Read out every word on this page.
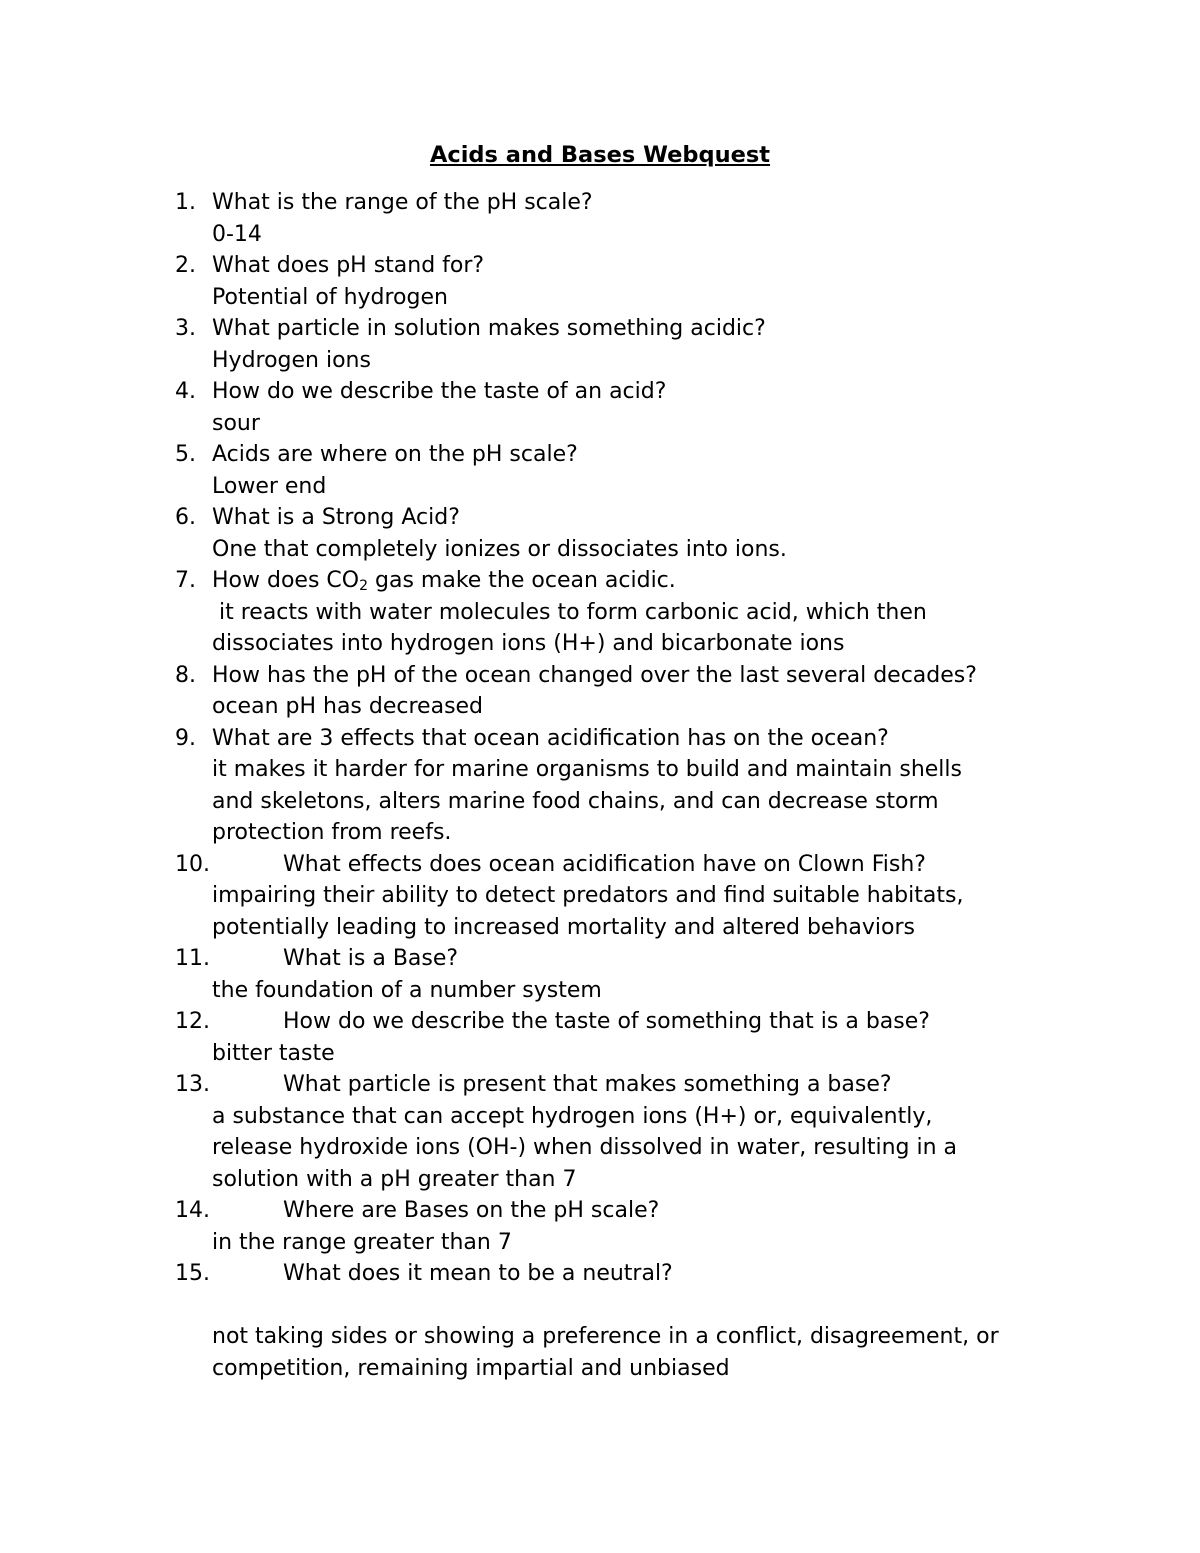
Acids and Bases Webquest
1. What is the range of the pH scale?
0-14
2. What does pH stand for?
Potential of hydrogen
3. What particle in solution makes something acidic?
Hydrogen ions
4. How do we describe the taste of an acid?
sour
5. Acids are where on the pH scale?
Lower end
6. What is a Strong Acid?
One that completely ionizes or dissociates into ions.
7. How does $CO_2$ gas make the ocean acidic.
it reacts with water molecules to form carbonic acid, which then
dissociates into hydrogen ions (H+) and bicarbonate ions
8. How has the pH of the ocean changed over the last several decades?
ocean pH has decreased
9. What are 3 effects that ocean acidification has on the ocean?
it makes it harder for marine organisms to build and maintain shells
and skeletons, alters marine food chains, and can decrease storm
protection from reefs.
10.	What effects does ocean acidification have on Clown Fish?
impairing their ability to detect predators and find suitable habitats,
potentially leading to increased mortality and altered behaviors
11.	What is a Base?
the foundation of a number system
12.	How do we describe the taste of something that is a base?
bitter taste
13.	What particle is present that makes something a base?
a substance that can accept hydrogen ions (H+) or, equivalently,
release hydroxide ions (OH-) when dissolved in water, resulting in a
solution with a pH greater than 7
14.	Where are Bases on the pH scale?
in the range greater than 7
15.	What does it mean to be a neutral?
not taking sides or showing a preference in a conflict, disagreement, or
competition, remaining impartial and unbiased
